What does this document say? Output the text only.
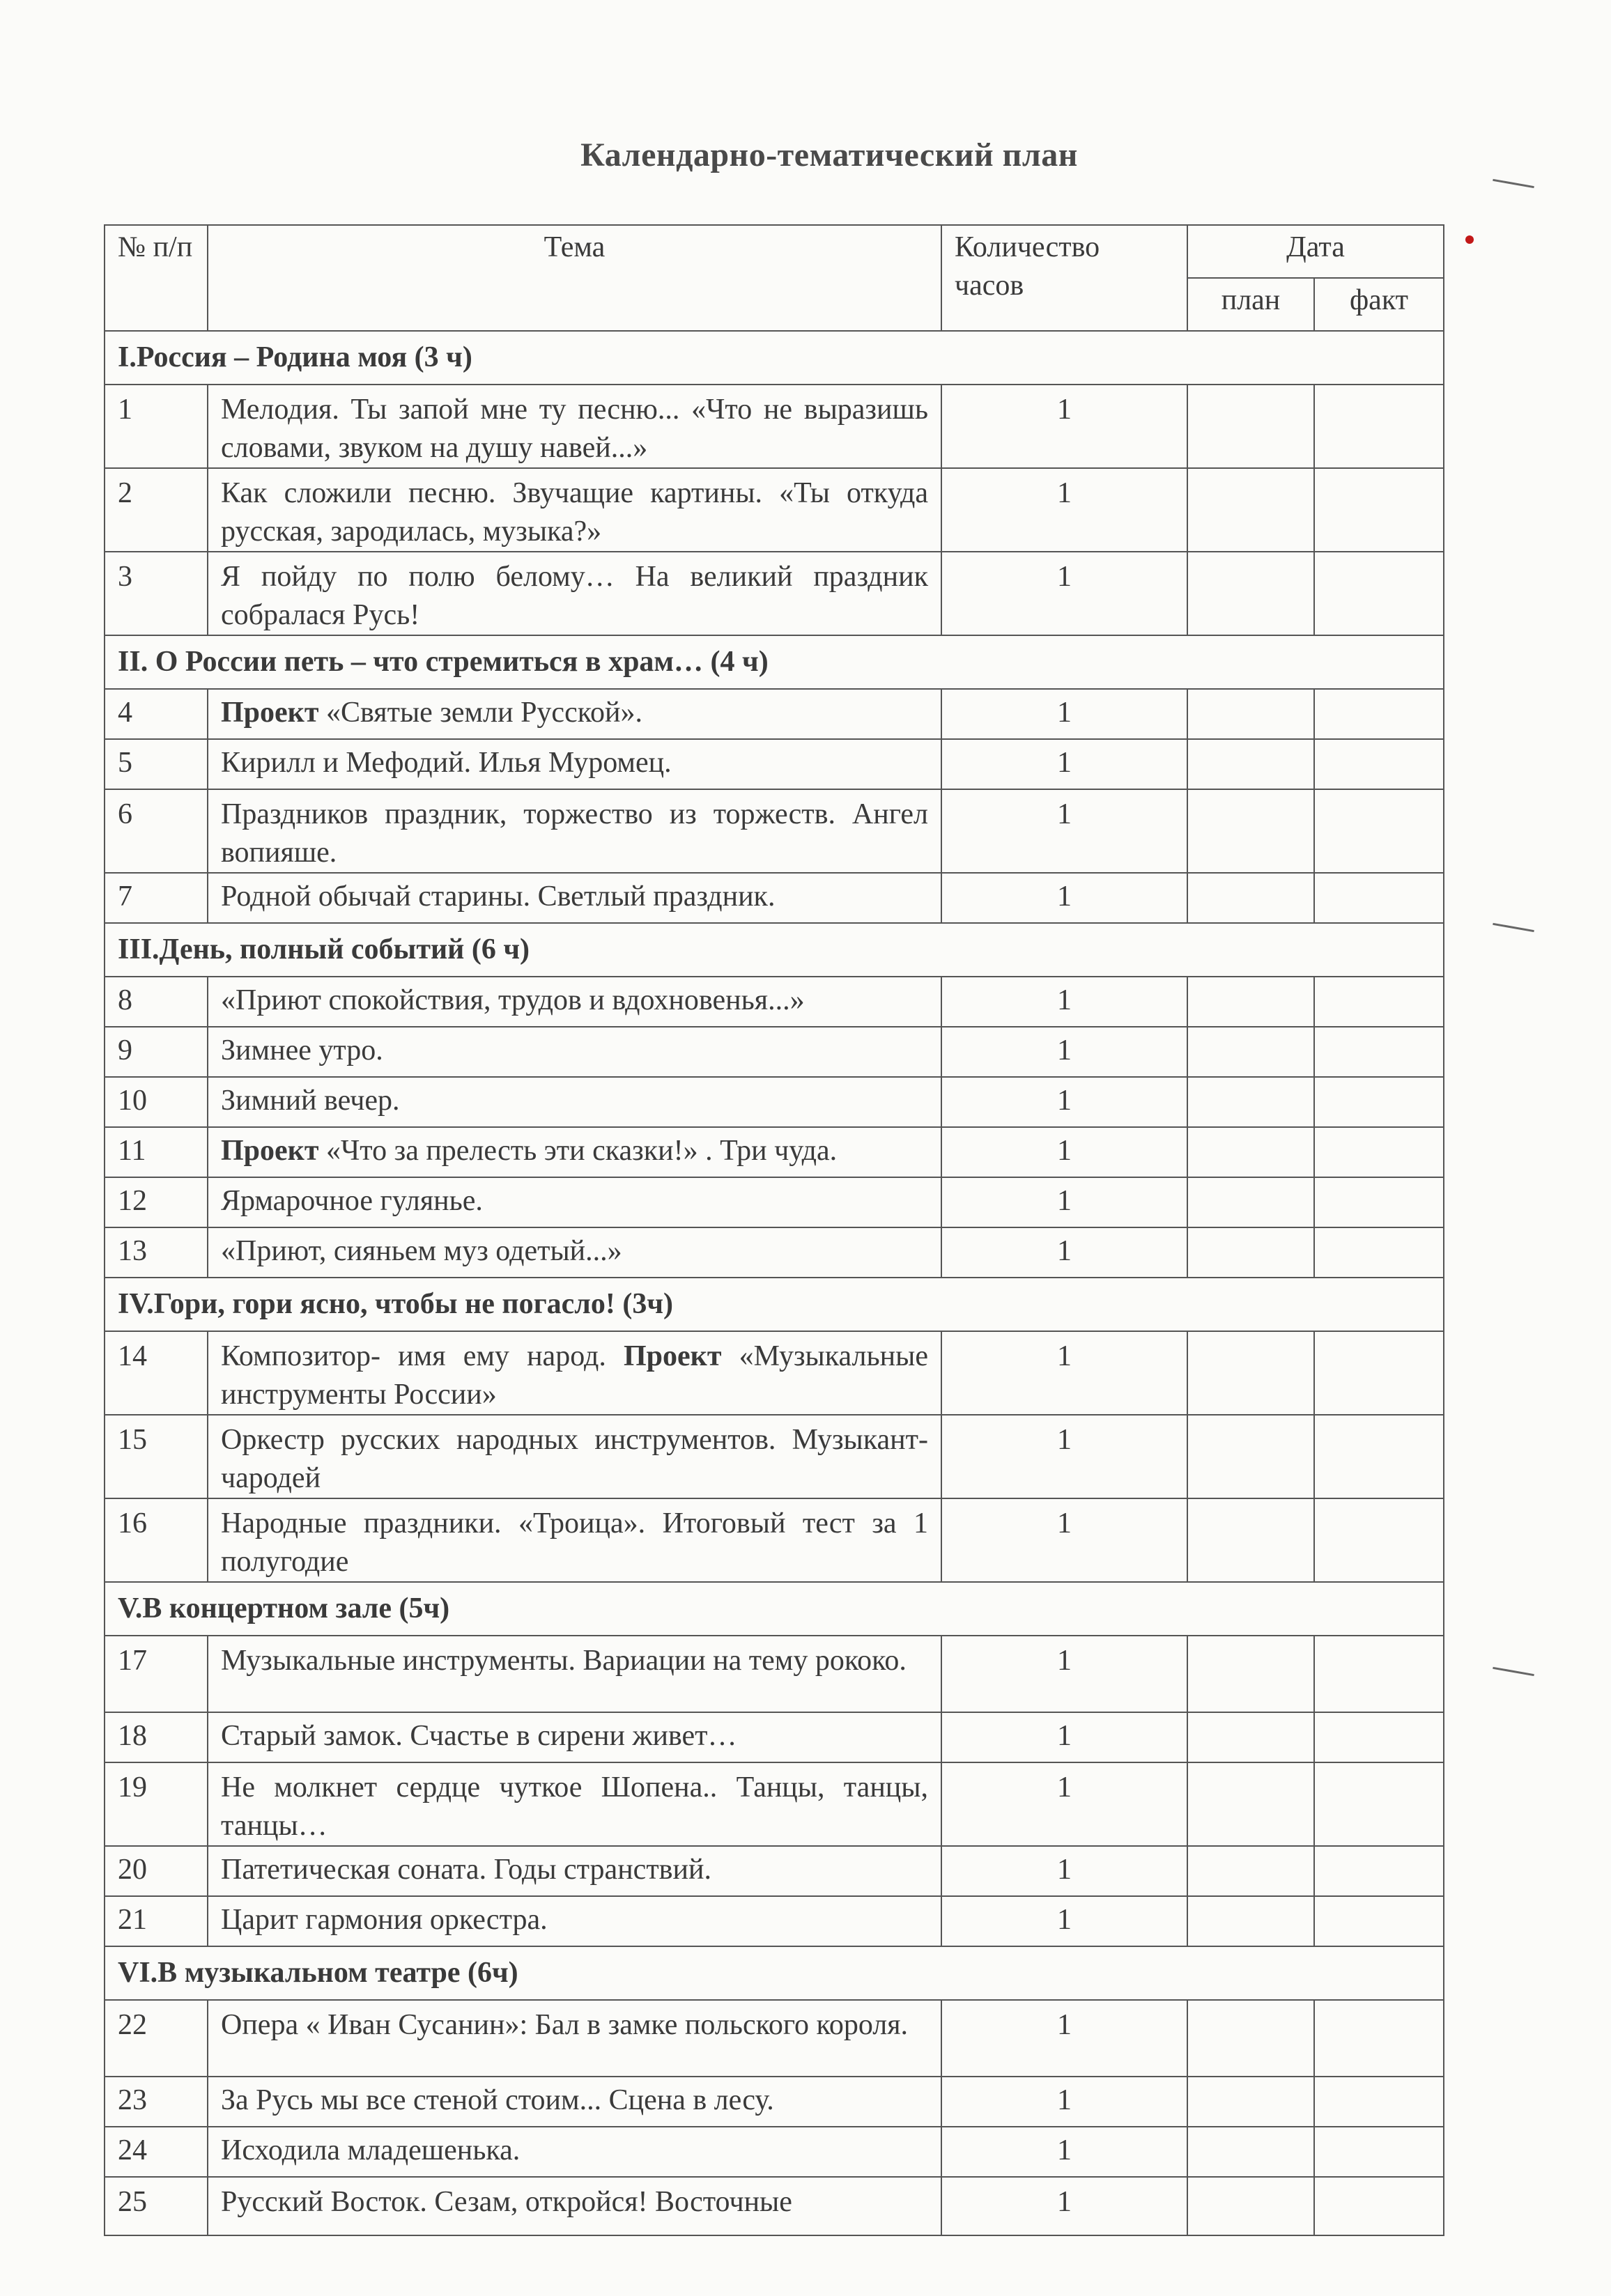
Календарно-тематический план
№ п/п	Тема	Количество часов	Дата	
			план	факт
I.Россия – Родина моя (3 ч)				
1	Мелодия. Ты запой мне ту песню... «Что не выразишь словами, звуком на душу навей...»	1		
2	Как сложили песню. Звучащие картины. «Ты откуда русская, зародилась, музыка?»	1		
3	Я пойду по полю белому… На великий праздник собралася Русь!	1		
II. О России петь – что стремиться в храм… (4 ч)				
4	Проект «Святые земли Русской».	1		
5	Кирилл и Мефодий. Илья Муромец.	1		
6	Праздников праздник, торжество из торжеств. Ангел вопияше.	1		
7	Родной обычай старины. Светлый праздник.	1		
III.День, полный событий (6 ч)				
8	«Приют спокойствия, трудов и вдохновенья...»	1		
9	Зимнее утро.	1		
10	Зимний вечер.	1		
11	Проект «Что за прелесть эти сказки!» . Три чуда.	1		
12	Ярмарочное гулянье.	1		
13	«Приют, сияньем муз одетый...»	1		
IV.Гори, гори ясно, чтобы не погасло! (3ч)				
14	Композитор- имя ему народ. Проект «Музыкальные инструменты России»	1		
15	Оркестр русских народных инструментов. Музыкант- чародей	1		
16	Народные праздники. «Троица». Итоговый тест за 1 полугодие	1		
V.В концертном зале (5ч)				
17	Музыкальные инструменты. Вариации на тему рококо.	1		
18	Старый замок. Счастье в сирени живет…	1		
19	Не молкнет сердце чуткое Шопена.. Танцы, танцы, танцы…	1		
20	Патетическая соната. Годы странствий.	1		
21	Царит гармония оркестра.	1		
VI.В музыкальном театре (6ч)				
22	Опера « Иван Сусанин»: Бал в замке польского короля.	1		
23	За Русь мы все стеной стоим... Сцена в лесу.	1		
24	Исходила младешенька.	1		
25	Русский Восток. Сезам, откройся! Восточные	1		
